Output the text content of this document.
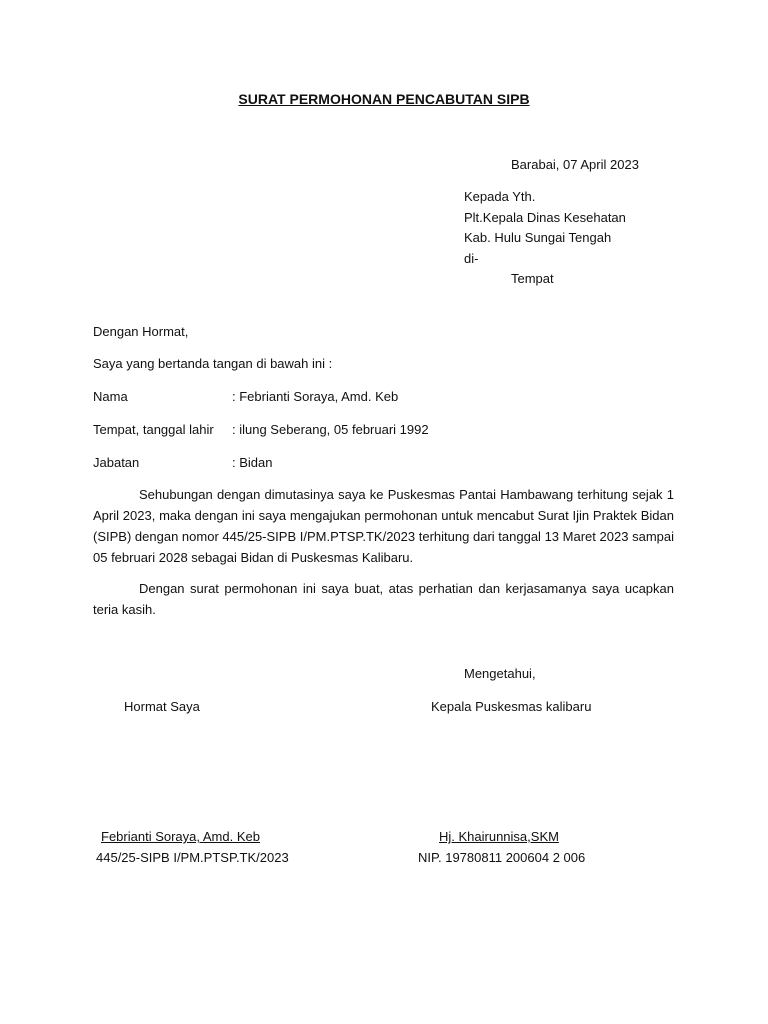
SURAT PERMOHONAN PENCABUTAN SIPB
Barabai, 07 April 2023
Kepada Yth.
Plt.Kepala Dinas Kesehatan
Kab. Hulu Sungai Tengah
di-
Tempat
Dengan Hormat,
Saya yang bertanda tangan di bawah ini :
Nama	: Febrianti Soraya, Amd. Keb
Tempat, tanggal lahir : ilung Seberang, 05 februari 1992
Jabatan	: Bidan
Sehubungan dengan dimutasinya saya ke Puskesmas Pantai Hambawang terhitung sejak 1 April 2023, maka dengan ini saya mengajukan permohonan untuk mencabut Surat Ijin Praktek Bidan (SIPB) dengan nomor 445/25-SIPB I/PM.PTSP.TK/2023 terhitung dari tanggal 13 Maret 2023 sampai 05 februari 2028 sebagai Bidan di Puskesmas Kalibaru.
Dengan surat permohonan ini saya buat, atas perhatian dan kerjasamanya saya ucapkan teria kasih.
Mengetahui,
Hormat Saya	Kepala Puskesmas kalibaru
Febrianti Soraya, Amd. Keb
445/25-SIPB I/PM.PTSP.TK/2023
Hj. Khairunnisa,SKM
NIP. 19780811 200604 2 006
